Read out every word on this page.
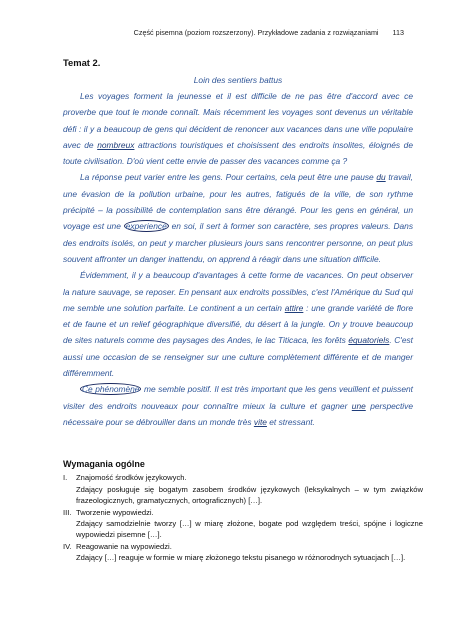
Część pisemna (poziom rozszerzony). Przykładowe zadania z rozwiązaniami 113
Temat 2.
Loin des sentiers battus

Les voyages forment la jeunesse et il est difficile de ne pas être d'accord avec ce proverbe que tout le monde connaît. Mais récemment les voyages sont devenus un véritable défi : il y a beaucoup de gens qui décident de renoncer aux vacances dans une ville populaire avec de nombreux attractions touristiques et choisissent des endroits insolites, éloignés de toute civilisation. D'où vient cette envie de passer des vacances comme ça ?

La réponse peut varier entre les gens. Pour certains, cela peut être une pause du travail, une évasion de la pollution urbaine, pour les autres, fatigués de la ville, de son rythme précipité – la possibilité de contemplation sans être dérangé. Pour les gens en général, un voyage est une experience en soi, il sert à former son caractère, ses propres valeurs. Dans des endroits isolés, on peut y marcher plusieurs jours sans rencontrer personne, on peut plus souvent affronter un danger inattendu, on apprend à réagir dans une situation difficile.

Évidemment, il y a beaucoup d'avantages à cette forme de vacances. On peut observer la nature sauvage, se reposer. En pensant aux endroits possibles, c'est l'Amérique du Sud qui me semble une solution parfaite. Le continent a un certain attire : une grande variété de flore et de faune et un relief géographique diversifié, du désert à la jungle. On y trouve beaucoup de sites naturels comme des paysages des Andes, le lac Titicaca, les forêts équatoriels. C'est aussi une occasion de se renseigner sur une culture complètement différente et de manger différemment.

Ce phénomène me semble positif. Il est très important que les gens veuillent et puissent visiter des endroits nouveaux pour connaître mieux la culture et gagner une perspective nécessaire pour se débrouiller dans un monde très vite et stressant.

Wymagania ogólne
I. Znajomość środków językowych.
Zdający posługuje się bogatym zasobem środków językowych (leksykalnych – w tym związków frazeologicznych, gramatycznych, ortograficznych) […].
III. Tworzenie wypowiedzi.
Zdający samodzielnie tworzy […] w miarę złożone, bogate pod względem treści, spójne i logiczne wypowiedzi pisemne […].
IV. Reagowanie na wypowiedzi.
Zdający […] reaguje w formie w miarę złożonego tekstu pisanego w różnorodnych sytuacjach […].
